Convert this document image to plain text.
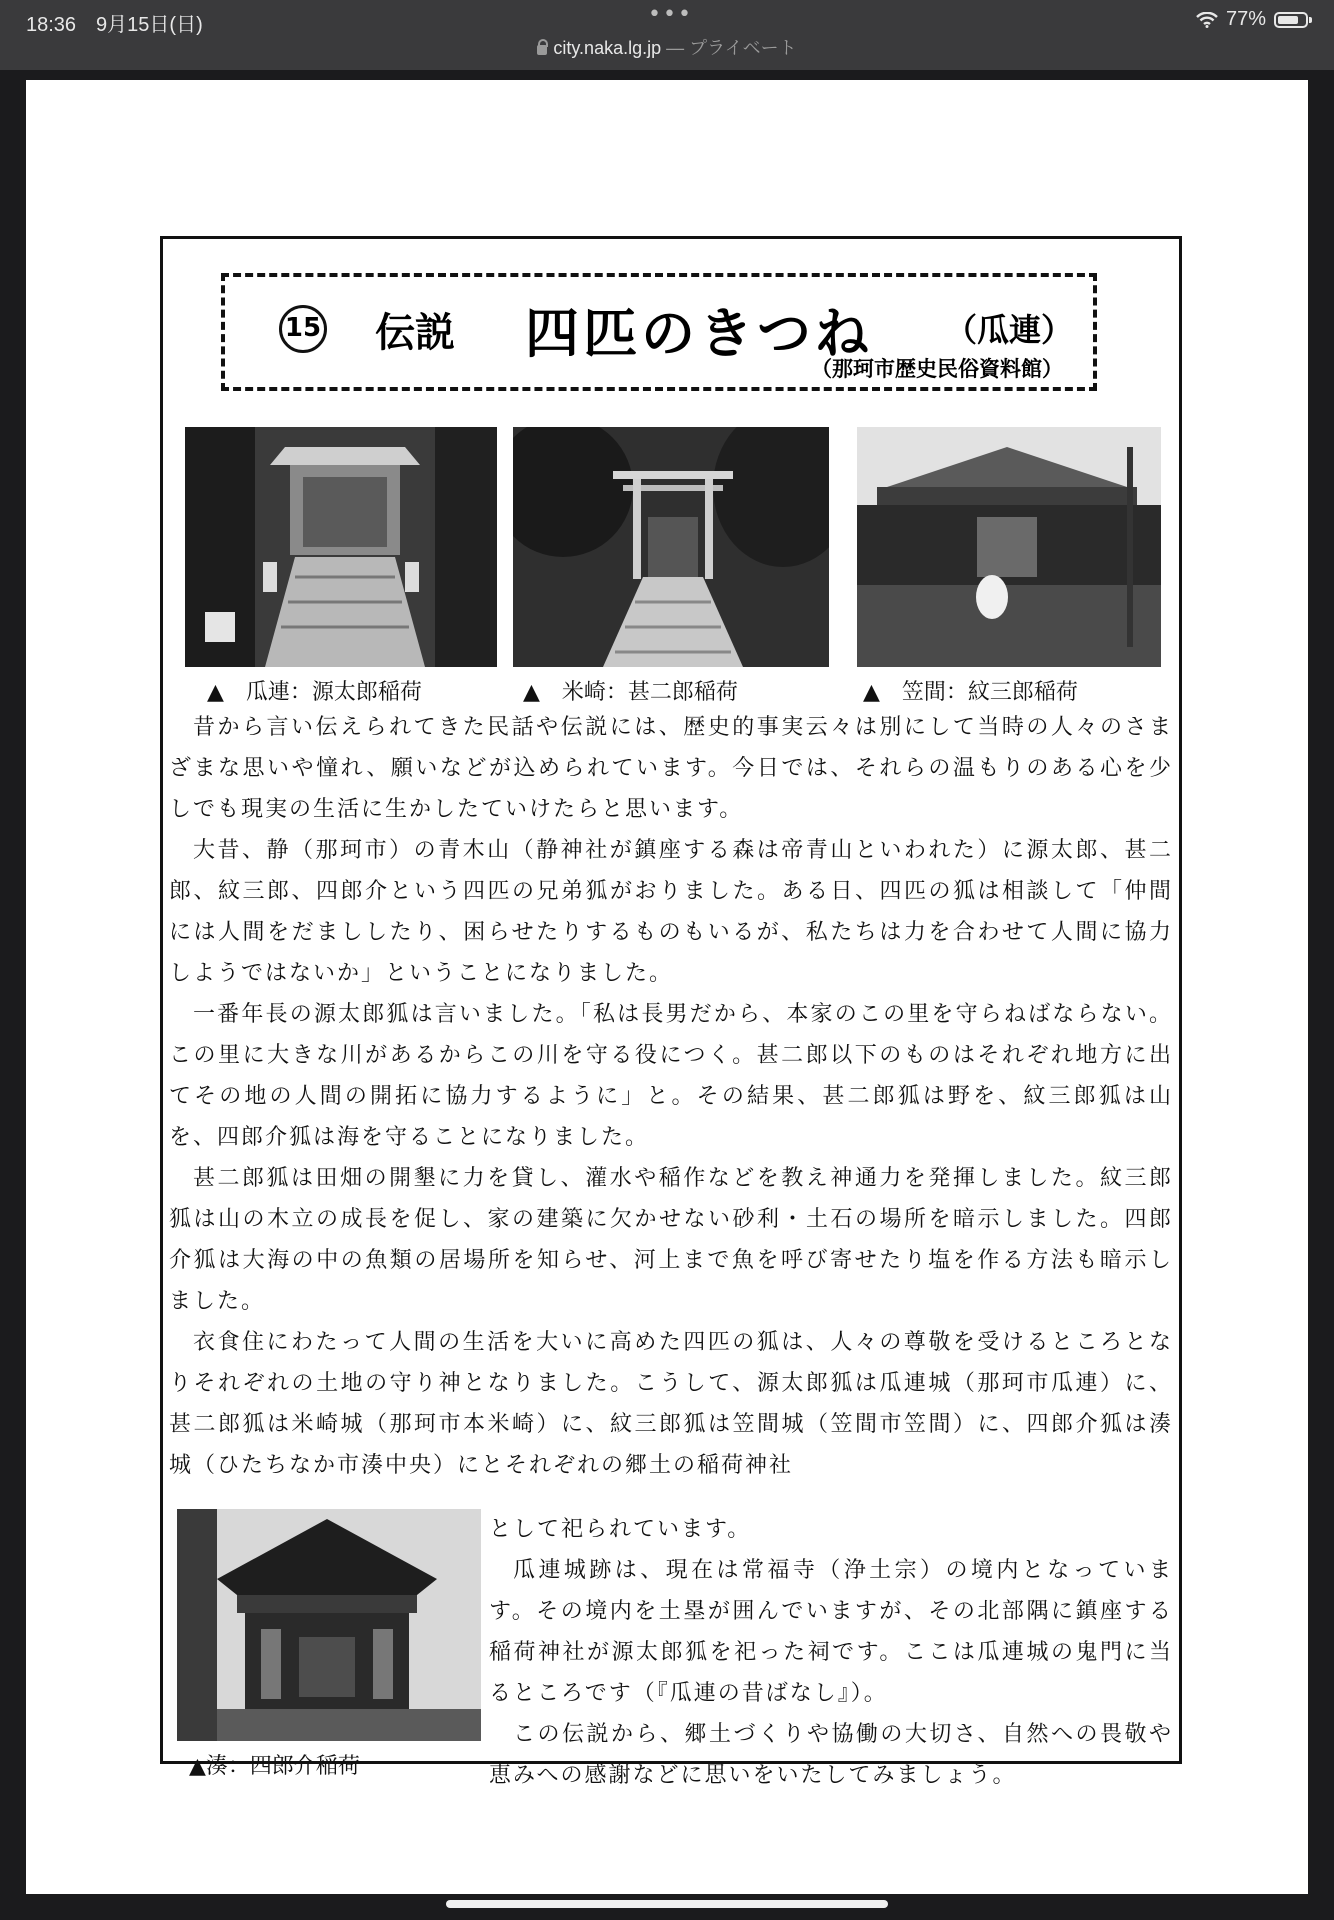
18:36　9月15日(日)	•••	77%
city.naka.lg.jp — プライベート
15 伝説 四匹のきつね （瓜連）
（那珂市歴史民俗資料館）
▲ 瓜連：源太郎稲荷	▲ 米崎：甚二郎稲荷	▲ 笠間：紋三郎稲荷

昔から言い伝えられてきた民話や伝説には、歴史的事実云々は別にして当時の人々のさまざまな思いや憧れ、願いなどが込められています。今日では、それらの温もりのある心を少しでも現実の生活に生かしたていけたらと思います。

大昔、静（那珂市）の青木山（静神社が鎮座する森は帝青山といわれた）に源太郎、甚二郎、紋三郎、四郎介という四匹の兄弟狐がおりました。ある日、四匹の狐は相談して「仲間には人間をだまししたり、困らせたりするものもいるが、私たちは力を合わせて人間に協力しようではないか」ということになりました。

一番年長の源太郎狐は言いました。「私は長男だから、本家のこの里を守らねばならない。この里に大きな川があるからこの川を守る役につく。甚二郎以下のものはそれぞれ地方に出てその地の人間の開拓に協力するように」と。その結果、甚二郎狐は野を、紋三郎狐は山を、四郎介狐は海を守ることになりました。

甚二郎狐は田畑の開墾に力を貸し、灌水や稲作などを教え神通力を発揮しました。紋三郎狐は山の木立の成長を促し、家の建築に欠かせない砂利・土石の場所を暗示しました。四郎介狐は大海の中の魚類の居場所を知らせ、河上まで魚を呼び寄せたり塩を作る方法も暗示しました。

衣食住にわたって人間の生活を大いに高めた四匹の狐は、人々の尊敬を受けるところとなりそれぞれの土地の守り神となりました。こうして、源太郎狐は瓜連城（那珂市瓜連）に、甚二郎狐は米崎城（那珂市本米崎）に、紋三郎狐は笠間城（笠間市笠間）に、四郎介狐は湊城（ひたちなか市湊中央）にとそれぞれの郷土の稲荷神社

▲湊：四郎介稲荷

として祀られています。

瓜連城跡は、現在は常福寺（浄土宗）の境内となっています。その境内を土塁が囲んでいますが、その北部隅に鎮座する稲荷神社が源太郎狐を祀った祠です。ここは瓜連城の鬼門に当るところです（『瓜連の昔ばなし』）。

この伝説から、郷土づくりや協働の大切さ、自然への畏敬や恵みへの感謝などに思いをいたしてみましょう。
